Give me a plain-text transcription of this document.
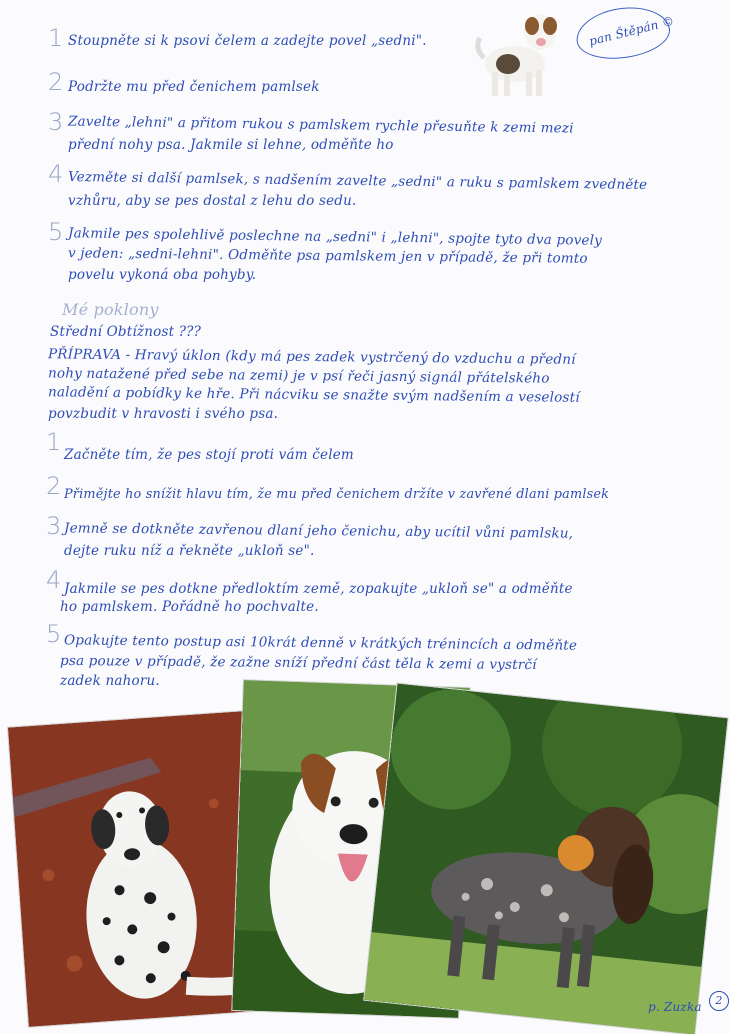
pan Štěpán ©
1 Stoupněte si k psovi čelem a zadejte povel „sedni".
2 Podržte mu před čenichem pamlsek
3 Zavelte „lehni" a přitom rukou s pamlskem rychle přesuňte k zemi mezi
přední nohy psa. Jakmile si lehne, odměňte ho
4 Vezměte si další pamlsek, s nadšením zavelte „sedni" a ruku s pamlskem zvedněte
vzhůru, aby se pes dostal z lehu do sedu.
5 Jakmile pes spolehlivě poslechne na „sedni" i „lehni", spojte tyto dva povely
v jeden: „sedni-lehni". Odměňte psa pamlskem jen v případě, že při tomto
povelu vykoná oba pohyby.
Mé poklony
Střední Obtížnost ???
PŘÍPRAVA - Hravý úklon (kdy má pes zadek vystrčený do vzduchu a přední
nohy natažené před sebe na zemi) je v psí řeči jasný signál přátelského
naladění a pobídky ke hře. Při nácviku se snažte svým nadšením a veselostí
povzbudit v hravosti i svého psa.
1 Začněte tím, že pes stojí proti vám čelem
2 Přimějte ho snížit hlavu tím, že mu před čenichem držíte v zavřené dlani pamlsek
3 Jemně se dotkněte zavřenou dlaní jeho čenichu, aby ucítil vůni pamlsku,
dejte ruku níž a řekněte „ukloň se".
4 Jakmile se pes dotkne předloktím země, zopakujte „ukloň se" a odměňte
ho pamlskem. Pořádně ho pochvalte.
5 Opakujte tento postup asi 10krát denně v krátkých trénincích a odměňte
psa pouze v případě, že zažne sníží přední část těla k zemi a vystrčí
zadek nahoru.
p. Zuzka	2
